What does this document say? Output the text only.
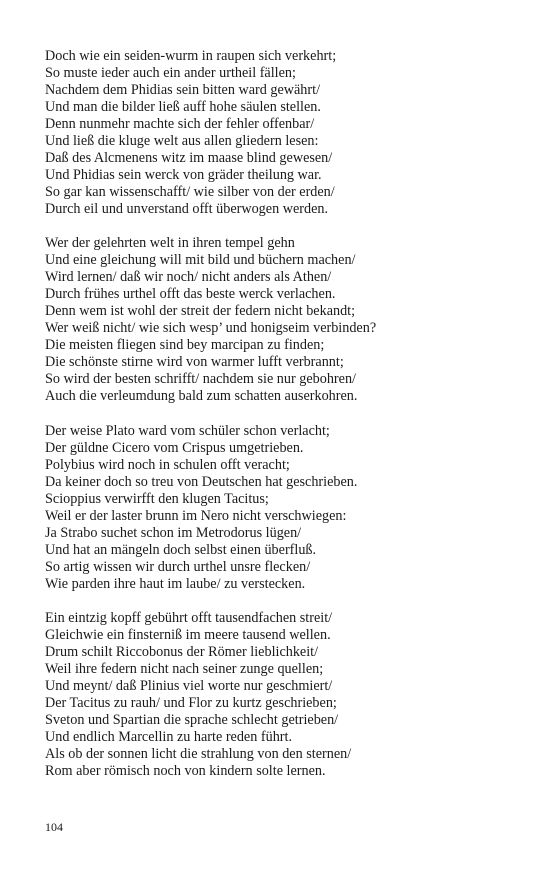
Doch wie ein seiden-wurm in raupen sich verkehrt;
So muste ieder auch ein ander urtheil fällen;
Nachdem dem Phidias sein bitten ward gewährt/
Und man die bilder ließ auff hohe säulen stellen.
Denn nunmehr machte sich der fehler offenbar/
Und ließ die kluge welt aus allen gliedern lesen:
Daß des Alcmenens witz im maase blind gewesen/
Und Phidias sein werck von gräder theilung war.
So gar kan wissenschafft/ wie silber von der erden/
Durch eil und unverstand offt überwogen werden.
Wer der gelehrten welt in ihren tempel gehn
Und eine gleichung will mit bild und büchern machen/
Wird lernen/ daß wir noch/ nicht anders als Athen/
Durch frühes urthel offt das beste werck verlachen.
Denn wem ist wohl der streit der federn nicht bekandt;
Wer weiß nicht/ wie sich wesp’ und honigseim verbinden?
Die meisten fliegen sind bey marcipan zu finden;
Die schönste stirne wird von warmer lufft verbrannt;
So wird der besten schrifft/ nachdem sie nur gebohren/
Auch die verleumdung bald zum schatten auserkohren.
Der weise Plato ward vom schüler schon verlacht;
Der güldne Cicero vom Crispus umgetrieben.
Polybius wird noch in schulen offt veracht;
Da keiner doch so treu von Deutschen hat geschrieben.
Scioppius verwirfft den klugen Tacitus;
Weil er der laster brunn im Nero nicht verschwiegen:
Ja Strabo suchet schon im Metrodorus lügen/
Und hat an mängeln doch selbst einen überfluß.
So artig wissen wir durch urthel unsre flecken/
Wie parden ihre haut im laube/ zu verstecken.
Ein eintzig kopff gebührt offt tausendfachen streit/
Gleichwie ein finsterniß im meere tausend wellen.
Drum schilt Riccobonus der Römer lieblichkeit/
Weil ihre federn nicht nach seiner zunge quellen;
Und meynt/ daß Plinius viel worte nur geschmiert/
Der Tacitus zu rauh/ und Flor zu kurtz geschrieben;
Sveton und Spartian die sprache schlecht getrieben/
Und endlich Marcellin zu harte reden führt.
Als ob der sonnen licht die strahlung von den sternen/
Rom aber römisch noch von kindern solte lernen.
104
